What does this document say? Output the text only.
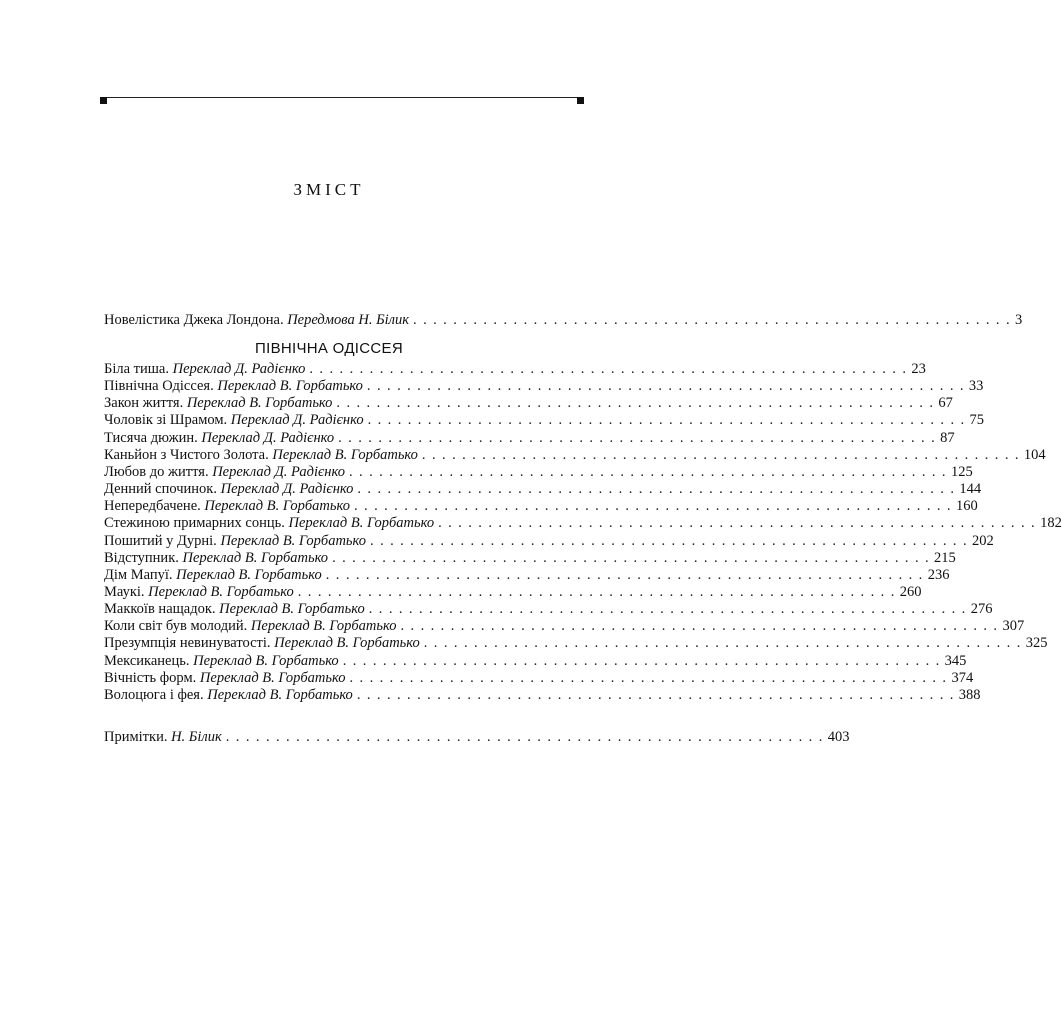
ЗМІСТ
Новелістика Джека Лондона. Передмова Н. Білик . . . . . . . . . . . . . . . . . . . . . . . . . . . . . . . . . . . . . . . . . . . . . . . . . . . . . . . . . . . . 3
ПІВНІЧНА ОДІССЕЯ
Біла тиша. Переклад Д. Радієнко . . . . . . . . . . . . . . . . . . . . . . . . . . . . . . . . . . . . . . . . . . . . . . . . . . . . . . . . . . . . 23
Північна Одіссея. Переклад В. Горбатько . . . . . . . . . . . . . . . . . . . . . . . . . . . . . . . . . . . . . . . . . . . . . . . . . . . . . . . . . . . . 33
Закон життя. Переклад В. Горбатько . . . . . . . . . . . . . . . . . . . . . . . . . . . . . . . . . . . . . . . . . . . . . . . . . . . . . . . . . . . . 67
Чоловік зі Шрамом. Переклад Д. Радієнко . . . . . . . . . . . . . . . . . . . . . . . . . . . . . . . . . . . . . . . . . . . . . . . . . . . . . . . . . . . . 75
Тисяча дюжин. Переклад Д. Радієнко . . . . . . . . . . . . . . . . . . . . . . . . . . . . . . . . . . . . . . . . . . . . . . . . . . . . . . . . . . . . 87
Каньйон з Чистого Золота. Переклад В. Горбатько . . . . . . . . . . . . . . . . . . . . . . . . . . . . . . . . . . . . . . . . . . . . . . . . . . . . . . . . . . . . 104
Любов до життя. Переклад Д. Радієнко . . . . . . . . . . . . . . . . . . . . . . . . . . . . . . . . . . . . . . . . . . . . . . . . . . . . . . . . . . . . 125
Денний спочинок. Переклад Д. Радієнко . . . . . . . . . . . . . . . . . . . . . . . . . . . . . . . . . . . . . . . . . . . . . . . . . . . . . . . . . . . . 144
Непередбачене. Переклад В. Горбатько . . . . . . . . . . . . . . . . . . . . . . . . . . . . . . . . . . . . . . . . . . . . . . . . . . . . . . . . . . . . 160
Стежиною примарних сонць. Переклад В. Горбатько . . . . . . . . . . . . . . . . . . . . . . . . . . . . . . . . . . . . . . . . . . . . . . . . . . . . . . . . . . . . 182
Пошитий у Дурні. Переклад В. Горбатько . . . . . . . . . . . . . . . . . . . . . . . . . . . . . . . . . . . . . . . . . . . . . . . . . . . . . . . . . . . . 202
Відступник. Переклад В. Горбатько . . . . . . . . . . . . . . . . . . . . . . . . . . . . . . . . . . . . . . . . . . . . . . . . . . . . . . . . . . . . 215
Дім Мапуї. Переклад В. Горбатько . . . . . . . . . . . . . . . . . . . . . . . . . . . . . . . . . . . . . . . . . . . . . . . . . . . . . . . . . . . . 236
Маукі. Переклад В. Горбатько . . . . . . . . . . . . . . . . . . . . . . . . . . . . . . . . . . . . . . . . . . . . . . . . . . . . . . . . . . . . 260
Маккоїв нащадок. Переклад В. Горбатько . . . . . . . . . . . . . . . . . . . . . . . . . . . . . . . . . . . . . . . . . . . . . . . . . . . . . . . . . . . . 276
Коли світ був молодий. Переклад В. Горбатько . . . . . . . . . . . . . . . . . . . . . . . . . . . . . . . . . . . . . . . . . . . . . . . . . . . . . . . . . . . . 307
Презумпція невинуватості. Переклад В. Горбатько . . . . . . . . . . . . . . . . . . . . . . . . . . . . . . . . . . . . . . . . . . . . . . . . . . . . . . . . . . . . 325
Мексиканець. Переклад В. Горбатько . . . . . . . . . . . . . . . . . . . . . . . . . . . . . . . . . . . . . . . . . . . . . . . . . . . . . . . . . . . . 345
Вічність форм. Переклад В. Горбатько . . . . . . . . . . . . . . . . . . . . . . . . . . . . . . . . . . . . . . . . . . . . . . . . . . . . . . . . . . . . 374
Волоцюга і фея. Переклад В. Горбатько . . . . . . . . . . . . . . . . . . . . . . . . . . . . . . . . . . . . . . . . . . . . . . . . . . . . . . . . . . . . 388
Примітки. Н. Білик . . . . . . . . . . . . . . . . . . . . . . . . . . . . . . . . . . . . . . . . . . . . . . . . . . . . . . . . . . . . 403
